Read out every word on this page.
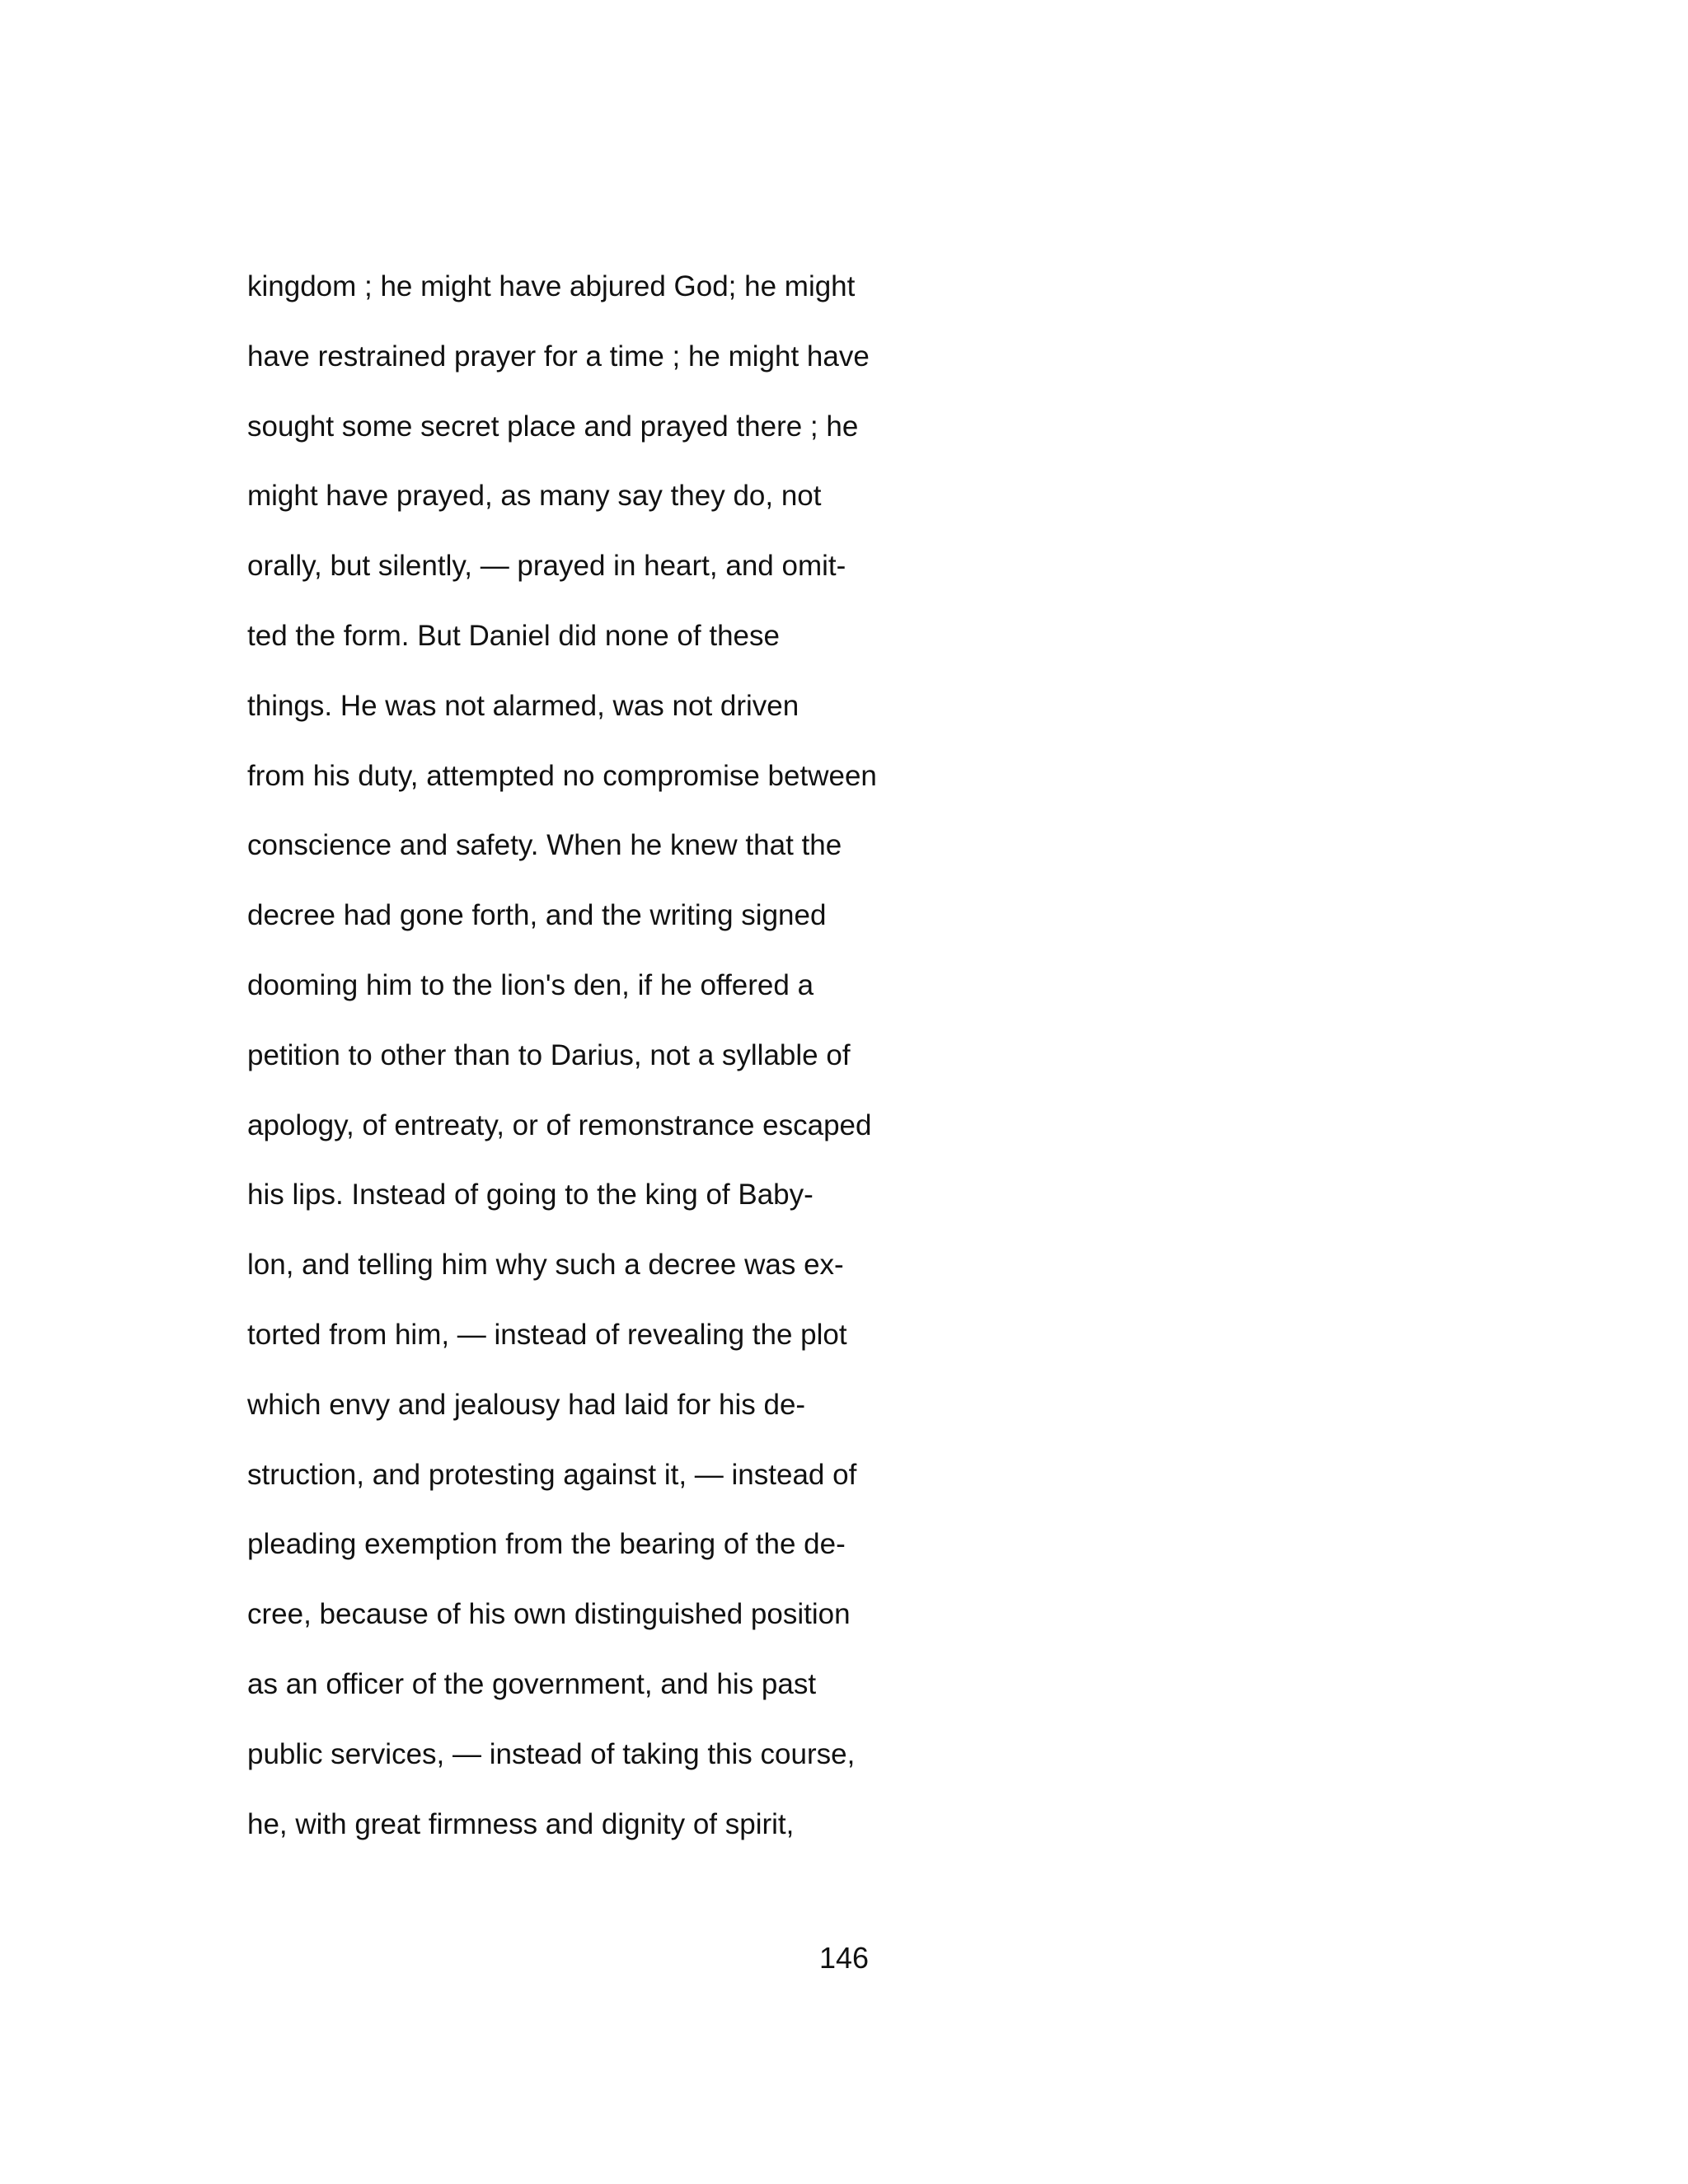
kingdom ; he might have abjured God; he might
have restrained prayer for a time ; he might have
sought some secret place and prayed there ; he
might have prayed, as many say they do, not
orally, but silently, — prayed in heart, and omit-
ted the form. But Daniel did none of these
things. He was not alarmed, was not driven
from his duty, attempted no compromise between
conscience and safety. When he knew that the
decree had gone forth, and the writing signed
dooming him to the lion's den, if he offered a
petition to other than to Darius, not a syllable of
apology, of entreaty, or of remonstrance escaped
his lips. Instead of going to the king of Baby-
lon, and telling him why such a decree was ex-
torted from him, — instead of revealing the plot
which envy and jealousy had laid for his de-
struction, and protesting against it, — instead of
pleading exemption from the bearing of the de-
cree, because of his own distinguished position
as an officer of the government, and his past
public services, — instead of taking this course,
he, with great firmness and dignity of spirit,
146
